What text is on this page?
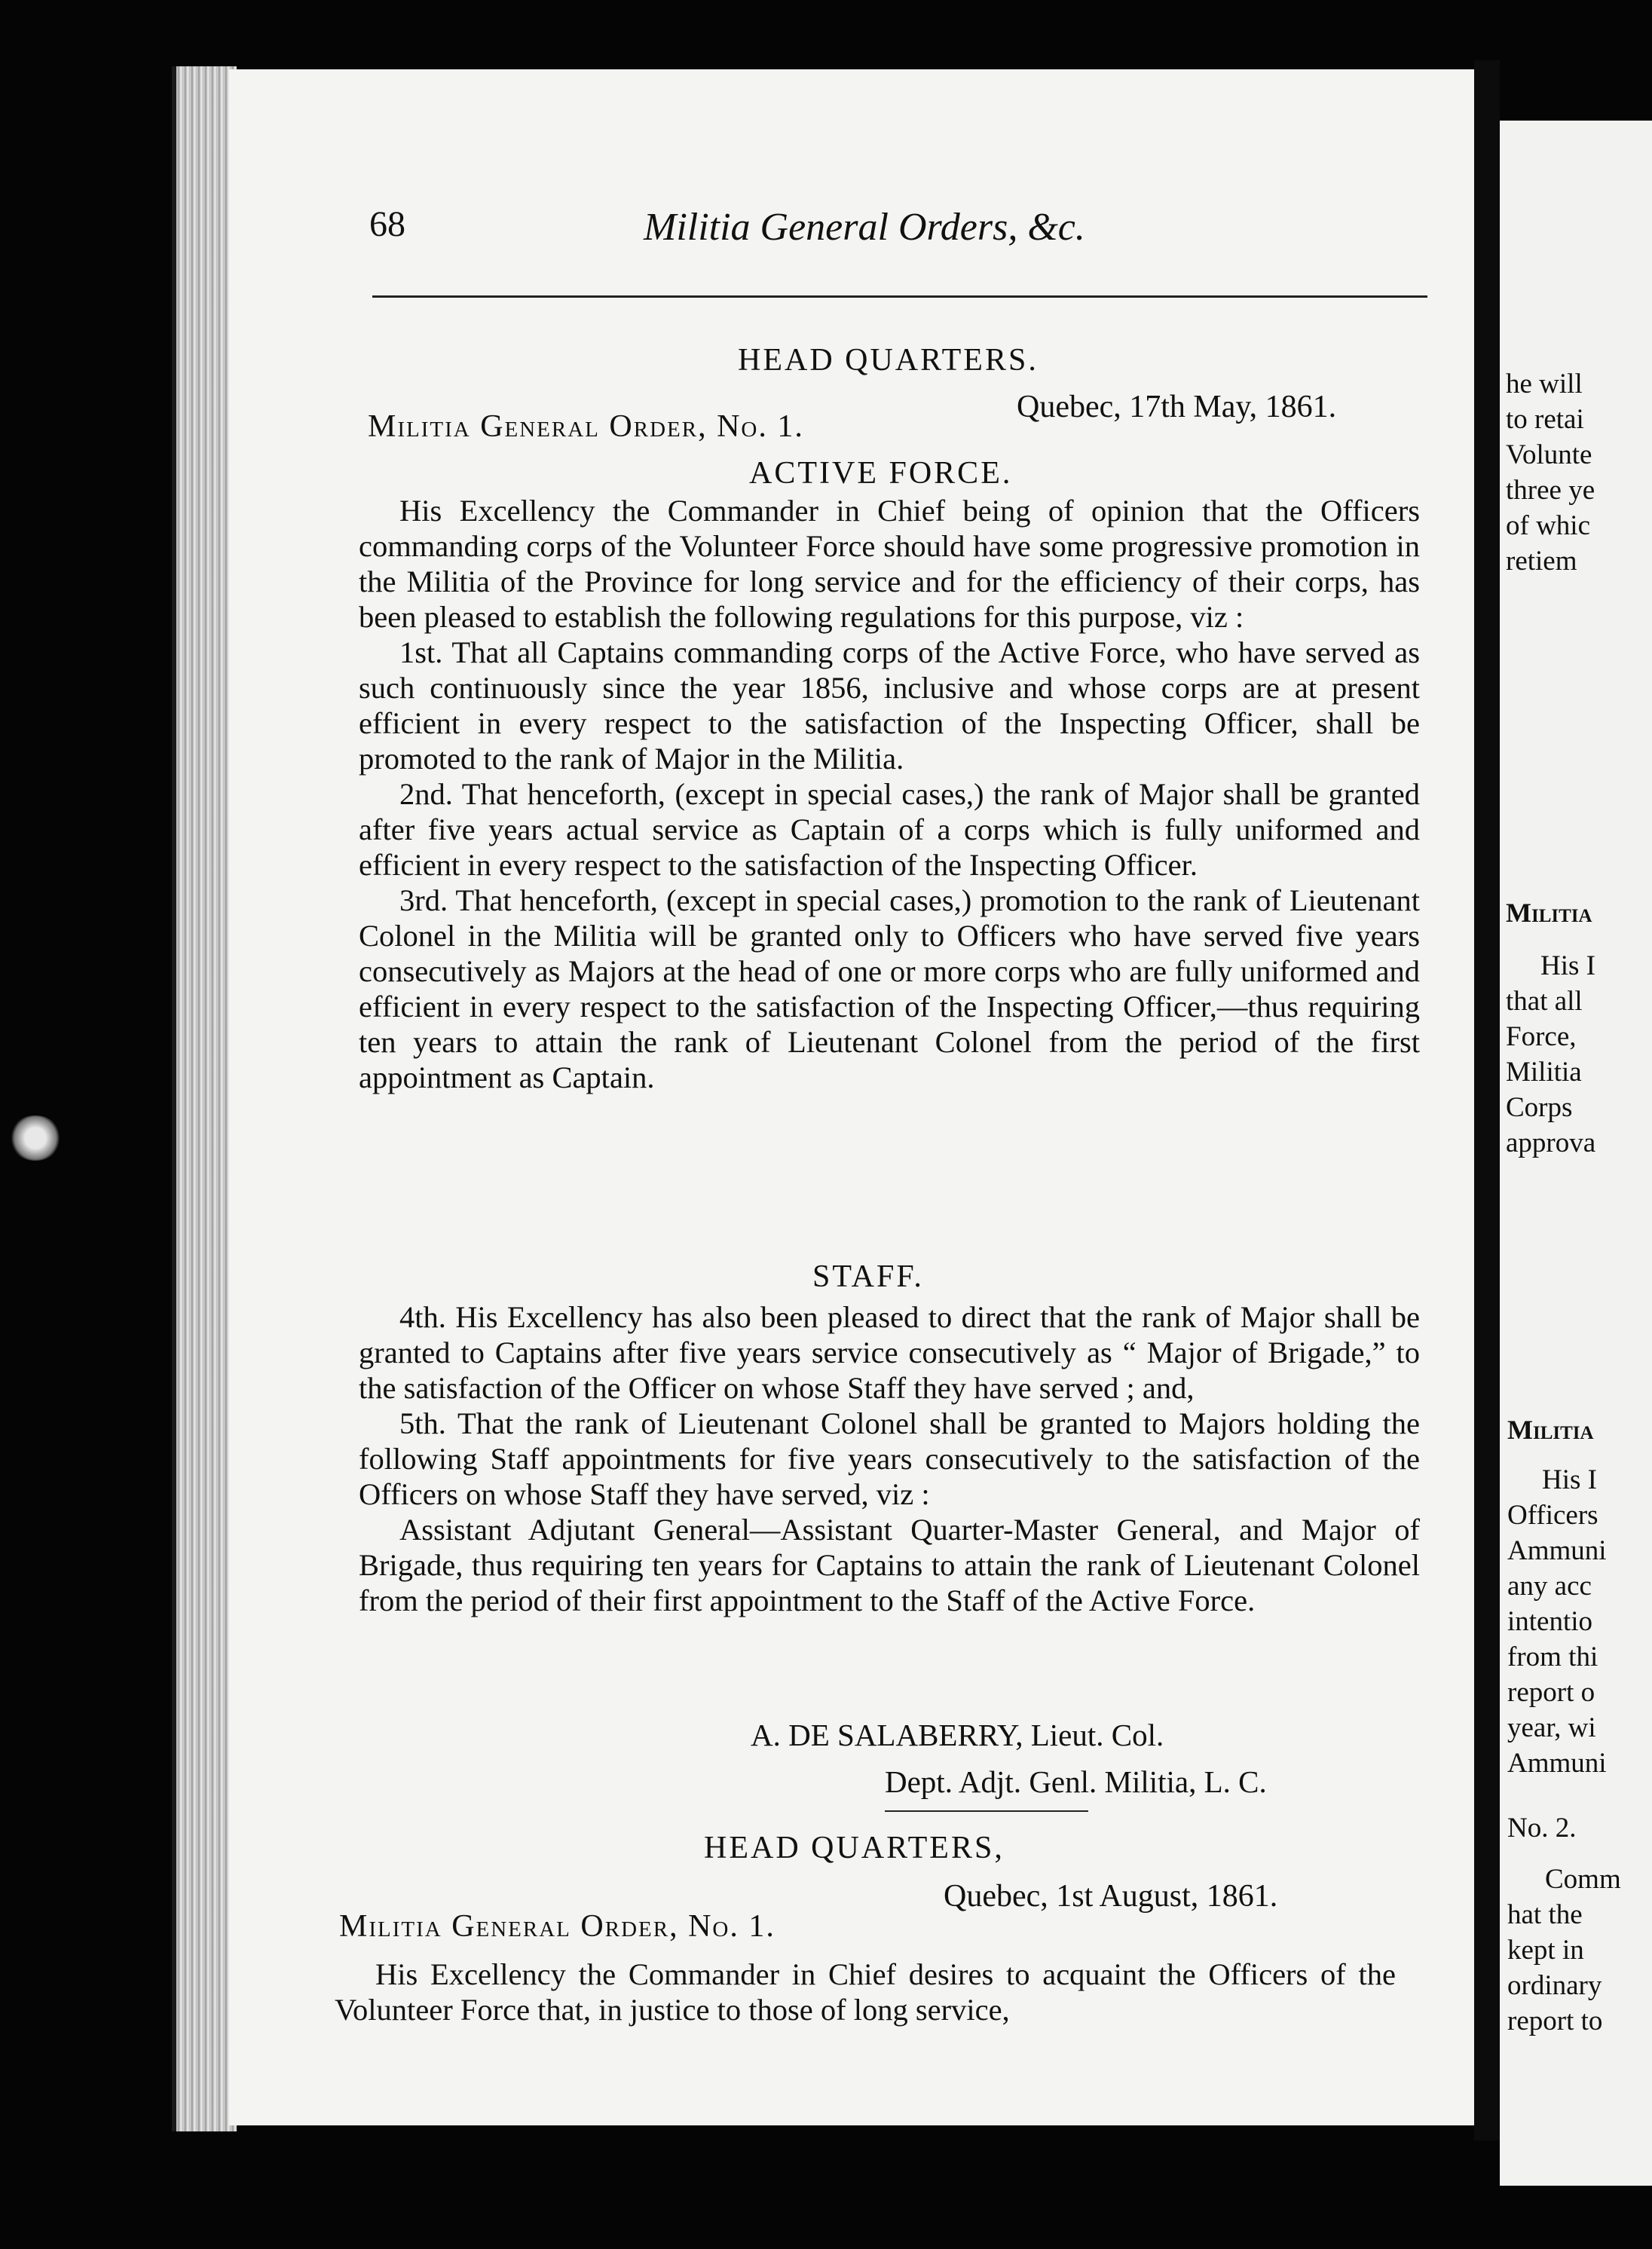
68	Militia General Orders, &c.
HEAD QUARTERS.
Quebec, 17th May, 1861.
Militia General Order, No. 1.
ACTIVE FORCE.

His Excellency the Commander in Chief being of opinion that the Officers commanding corps of the Volunteer Force should have some progressive promotion in the Militia of the Province for long service and for the efficiency of their corps, has been pleased to establish the following regulations for this purpose, viz :

1st. That all Captains commanding corps of the Active Force, who have served as such continuously since the year 1856, inclusive and whose corps are at present efficient in every respect to the satisfaction of the Inspecting Officer, shall be promoted to the rank of Major in the Militia.

2nd. That henceforth, (except in special cases,) the rank of Major shall be granted after five years actual service as Captain of a corps which is fully uniformed and efficient in every respect to the satisfaction of the Inspecting Officer.

3rd. That henceforth, (except in special cases,) promotion to the rank of Lieutenant Colonel in the Militia will be granted only to Officers who have served five years consecutively as Majors at the head of one or more corps who are fully uniformed and efficient in every respect to the satisfaction of the Inspecting Officer,—thus requiring ten years to attain the rank of Lieutenant Colonel from the period of the first appointment as Captain.

STAFF.

4th. His Excellency has also been pleased to direct that the rank of Major shall be granted to Captains after five years service consecutively as “ Major of Brigade,” to the satisfaction of the Officer on whose Staff they have served ; and,

5th. That the rank of Lieutenant Colonel shall be granted to Majors holding the following Staff appointments for five years consecutively to the satisfaction of the Officers on whose Staff they have served, viz :

Assistant Adjutant General—Assistant Quarter-Master General, and Major of Brigade, thus requiring ten years for Captains to attain the rank of Lieutenant Colonel from the period of their first appointment to the Staff of the Active Force.

A. DE SALABERRY, Lieut. Col.
Dept. Adjt. Genl. Militia, L. C.
HEAD QUARTERS,
Quebec, 1st August, 1861.
Militia General Order, No. 1.

His Excellency the Commander in Chief desires to acquaint the Officers of the Volunteer Force that, in justice to those of long service,

he will
to retai
Volunte
three ye
of whic
retiem
Militia
His I
that all
Force,
Militia
Corps
approva
Militia
His I
Officers
Ammuni
any acc
intentio
from thi
report o
year, wi
Ammuni
No. 2.
Comm
hat the
kept in
ordinary
report to
